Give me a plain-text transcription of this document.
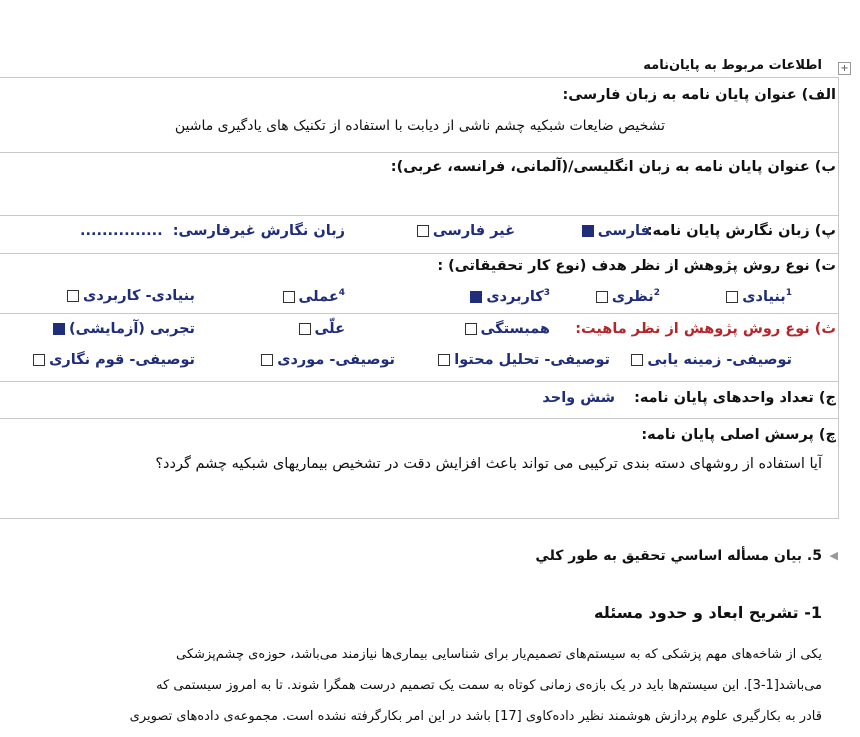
+
اطلاعات مربوط به پایان‌نامه
الف) عنوان پایان نامه به زبان فارسی:
تشخیص ضایعات شبکیه چشم ناشی از دیابت با استفاده از تکنیک های یادگیری ماشین
ب) عنوان پایان نامه به زبان انگلیسی/(آلمانی، فرانسه، عربی):
پ) زبان نگارش پایان نامه:
فارسی
غیر فارسی
زبان نگارش غیرفارسی:
...............
ت) نوع روش پژوهش از نظر هدف (نوع کار تحقیقاتی) :
$^1$بنیادی
$^2$نظری
$^3$کاربردی
$^4$عملی
بنیادی- کاربردی
ث) نوع روش پژوهش از نظر ماهیت:
همبستگی
علّی
تجربی (آزمایشی)
توصیفی- زمینه یابی
توصیفی- تحلیل محتوا
توصیفی- موردی
توصیفی- قوم نگاری
ج) تعداد واحدهای پایان نامه:
شش واحد
چ) پرسش اصلی پایان نامه:
آیا استفاده از روشهای دسته بندی ترکیبی می تواند باعث افزایش دقت در تشخیص بیماریهای شبکیه چشم گردد؟
5. بيان مسأله اساسي تحقيق به طور كلي ◀
1- تشریح ابعاد و حدود مسئله
یکی از شاخه‌های مهم پزشکی که به سیستم‌های تصمیم‌یار برای شناسایی بیماری‌ها نیازمند می‌باشد، حوزه‌ی چشم‌پزشکی
می‌باشد[1-3]. این سیستم‌ها باید در یک بازه‌ی زمانی کوتاه به سمت یک تصمیم درست همگرا شوند. تا به امروز سیستمی که
قادر به بکارگیری علوم پردازش هوشمند نظیر داده‌کاوی [17] باشد در این امر بکارگرفته نشده است. مجموعه‌ی داده‌های تصویری
